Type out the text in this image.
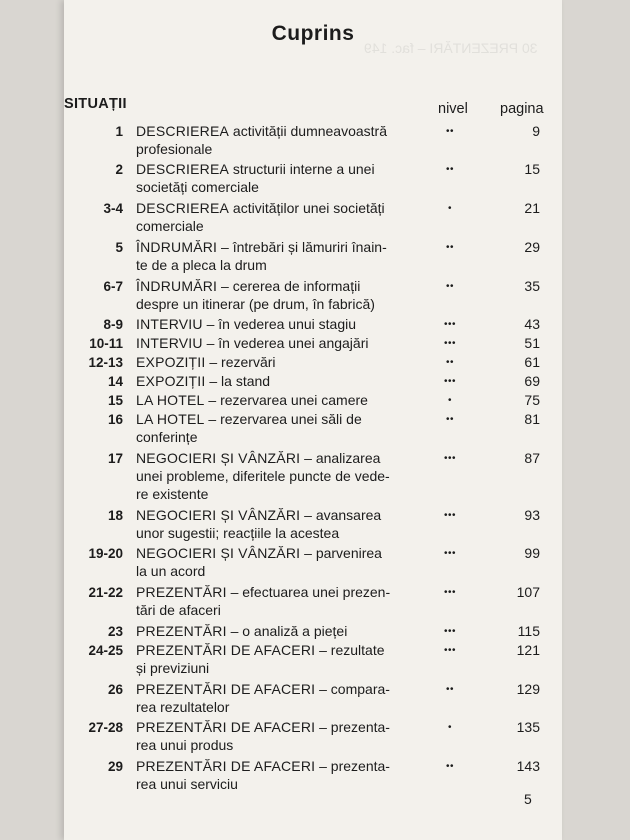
30 PREZENTĂRI – fac. 149
Cuprins
SITUAȚII	nivel pagina
1 DESCRIEREA activității dumneavoastră
profesionale
••	9
2 DESCRIEREA structurii interne a unei
societăți comerciale
••	15
3-4 DESCRIEREA activităților unei societăți
comerciale
•	21
5 ÎNDRUMĂRI – întrebări și lămuriri înain-
te de a pleca la drum
••	29
6-7 ÎNDRUMĂRI – cererea de informații
despre un itinerar (pe drum, în fabrică)
••	35
8-9 INTERVIU – în vederea unui stagiu	•••	43
10-11 INTERVIU – în vederea unei angajări	•••	51
12-13 EXPOZIȚII – rezervări	••	61
14 EXPOZIȚII – la stand	•••	69
15 LA HOTEL – rezervarea unei camere	•	75
16 LA HOTEL – rezervarea unei săli de
conferințe
••	81
17 NEGOCIERI ȘI VÂNZĂRI – analizarea
unei probleme, diferitele puncte de vede-
re existente
•••	87
18 NEGOCIERI ȘI VÂNZĂRI – avansarea
unor sugestii; reacțiile la acestea
•••	93
19-20 NEGOCIERI ȘI VÂNZĂRI – parvenirea
la un acord
•••	99
21-22 PREZENTĂRI – efectuarea unei prezen-
tări de afaceri
•••	107
23 PREZENTĂRI – o analiză a pieței	•••	115
24-25 PREZENTĂRI DE AFACERI – rezultate
și previziuni
•••	121
26 PREZENTĂRI DE AFACERI – compara-
rea rezultatelor
••	129
27-28 PREZENTĂRI DE AFACERI – prezenta-
rea unui produs
•	135
29 PREZENTĂRI DE AFACERI – prezenta-
rea unui serviciu
••	143
5
